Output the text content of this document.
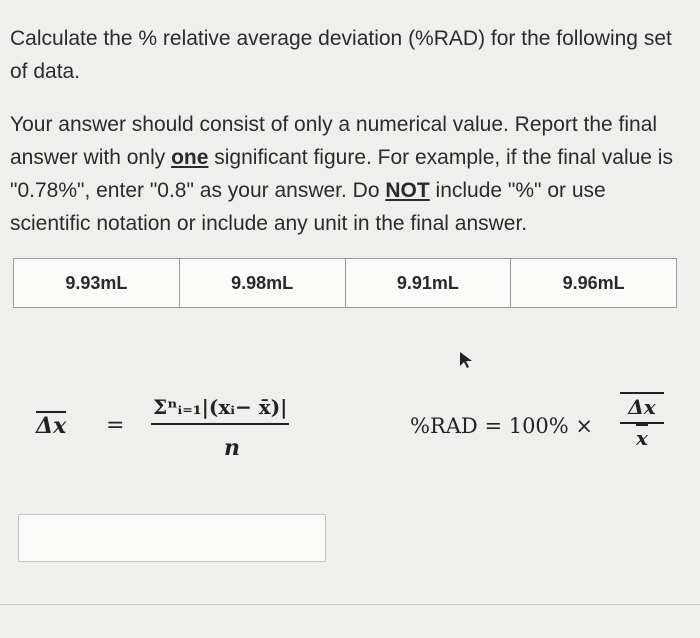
Calculate the % relative average deviation (%RAD) for the following set of data.
Your answer should consist of only a numerical value. Report the final answer with only one significant figure. For example, if the final value is "0.78%", enter "0.8" as your answer. Do NOT include "%" or use scientific notation or include any unit in the final answer.
9.93mL	9.98mL	9.91mL	9.96mL
Δx =
Σⁿᵢ₌₁|(xᵢ− x̄)|
n
$\%RAD = 100\% \times \frac{\Delta x}{x}$
